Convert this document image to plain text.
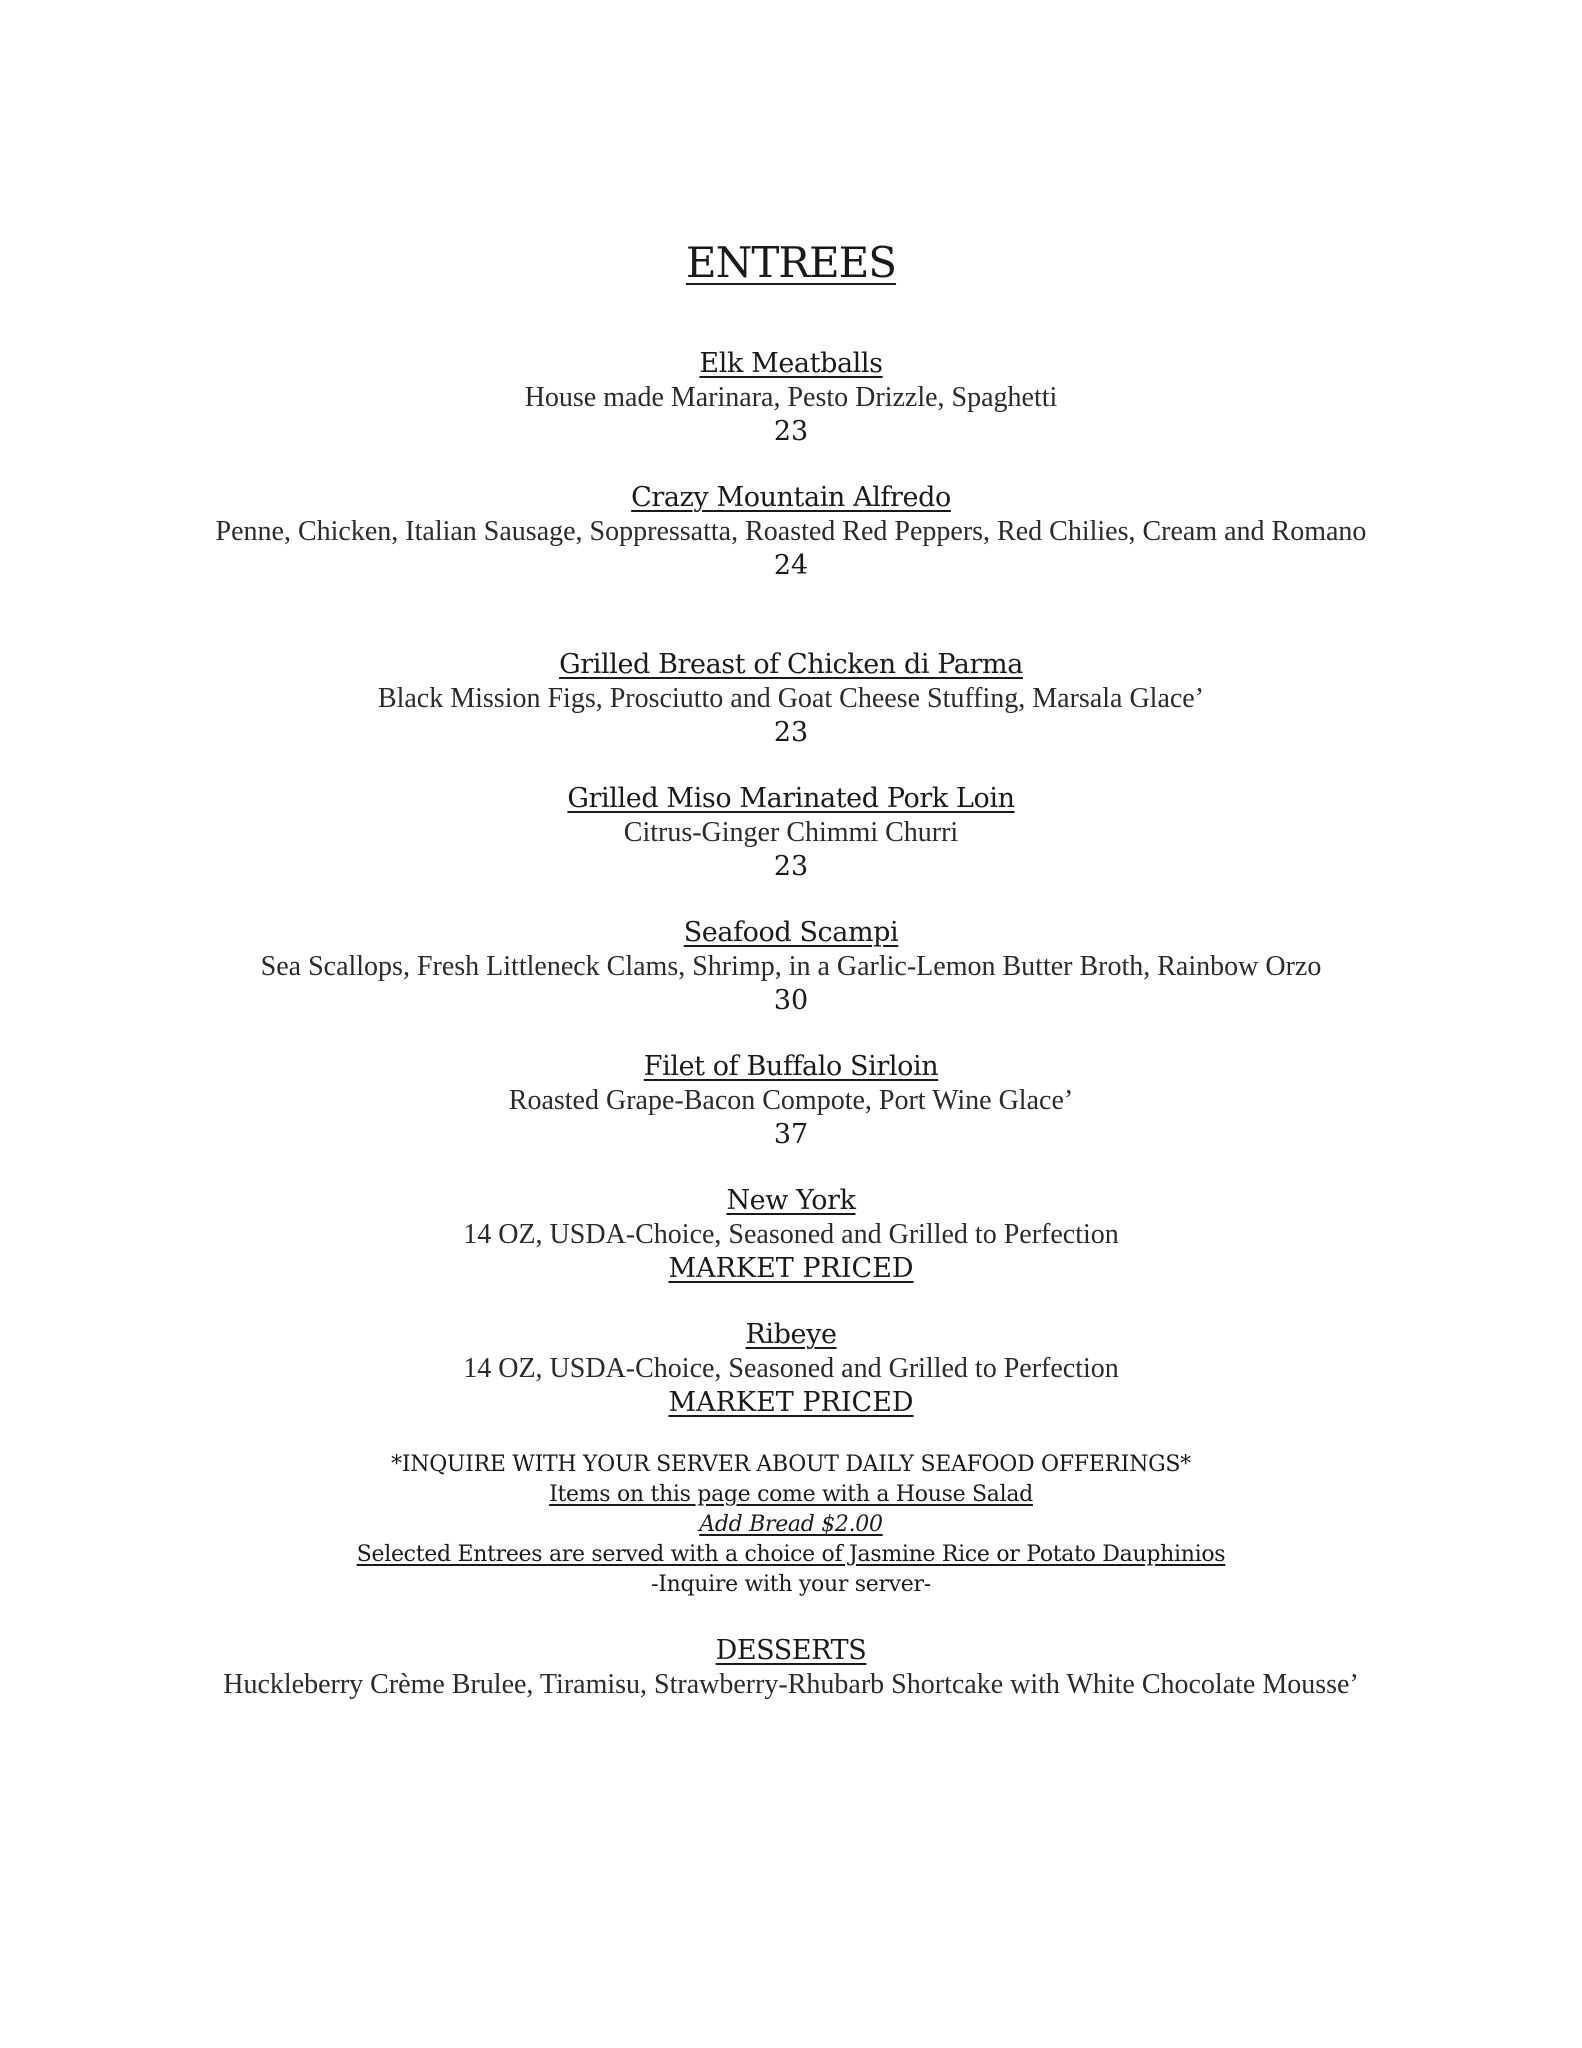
ENTREES
Elk Meatballs
House made Marinara, Pesto Drizzle, Spaghetti
23
Crazy Mountain Alfredo
Penne, Chicken, Italian Sausage, Soppressatta, Roasted Red Peppers, Red Chilies, Cream and Romano
24
Grilled Breast of Chicken di Parma
Black Mission Figs, Prosciutto and Goat Cheese Stuffing, Marsala Glace’
23
Grilled Miso Marinated Pork Loin
Citrus-Ginger Chimmi Churri
23
Seafood Scampi
Sea Scallops, Fresh Littleneck Clams, Shrimp, in a Garlic-Lemon Butter Broth, Rainbow Orzo
30
Filet of Buffalo Sirloin
Roasted Grape-Bacon Compote, Port Wine Glace’
37
New York
14 OZ, USDA-Choice, Seasoned and Grilled to Perfection
MARKET PRICED
Ribeye
14 OZ, USDA-Choice, Seasoned and Grilled to Perfection
MARKET PRICED
*INQUIRE WITH YOUR SERVER ABOUT DAILY SEAFOOD OFFERINGS*
Items on this page come with a House Salad
Add Bread $2.00
Selected Entrees are served with a choice of Jasmine Rice or Potato Dauphinios
-Inquire with your server-
DESSERTS
Huckleberry Crème Brulee, Tiramisu, Strawberry-Rhubarb Shortcake with White Chocolate Mousse’
